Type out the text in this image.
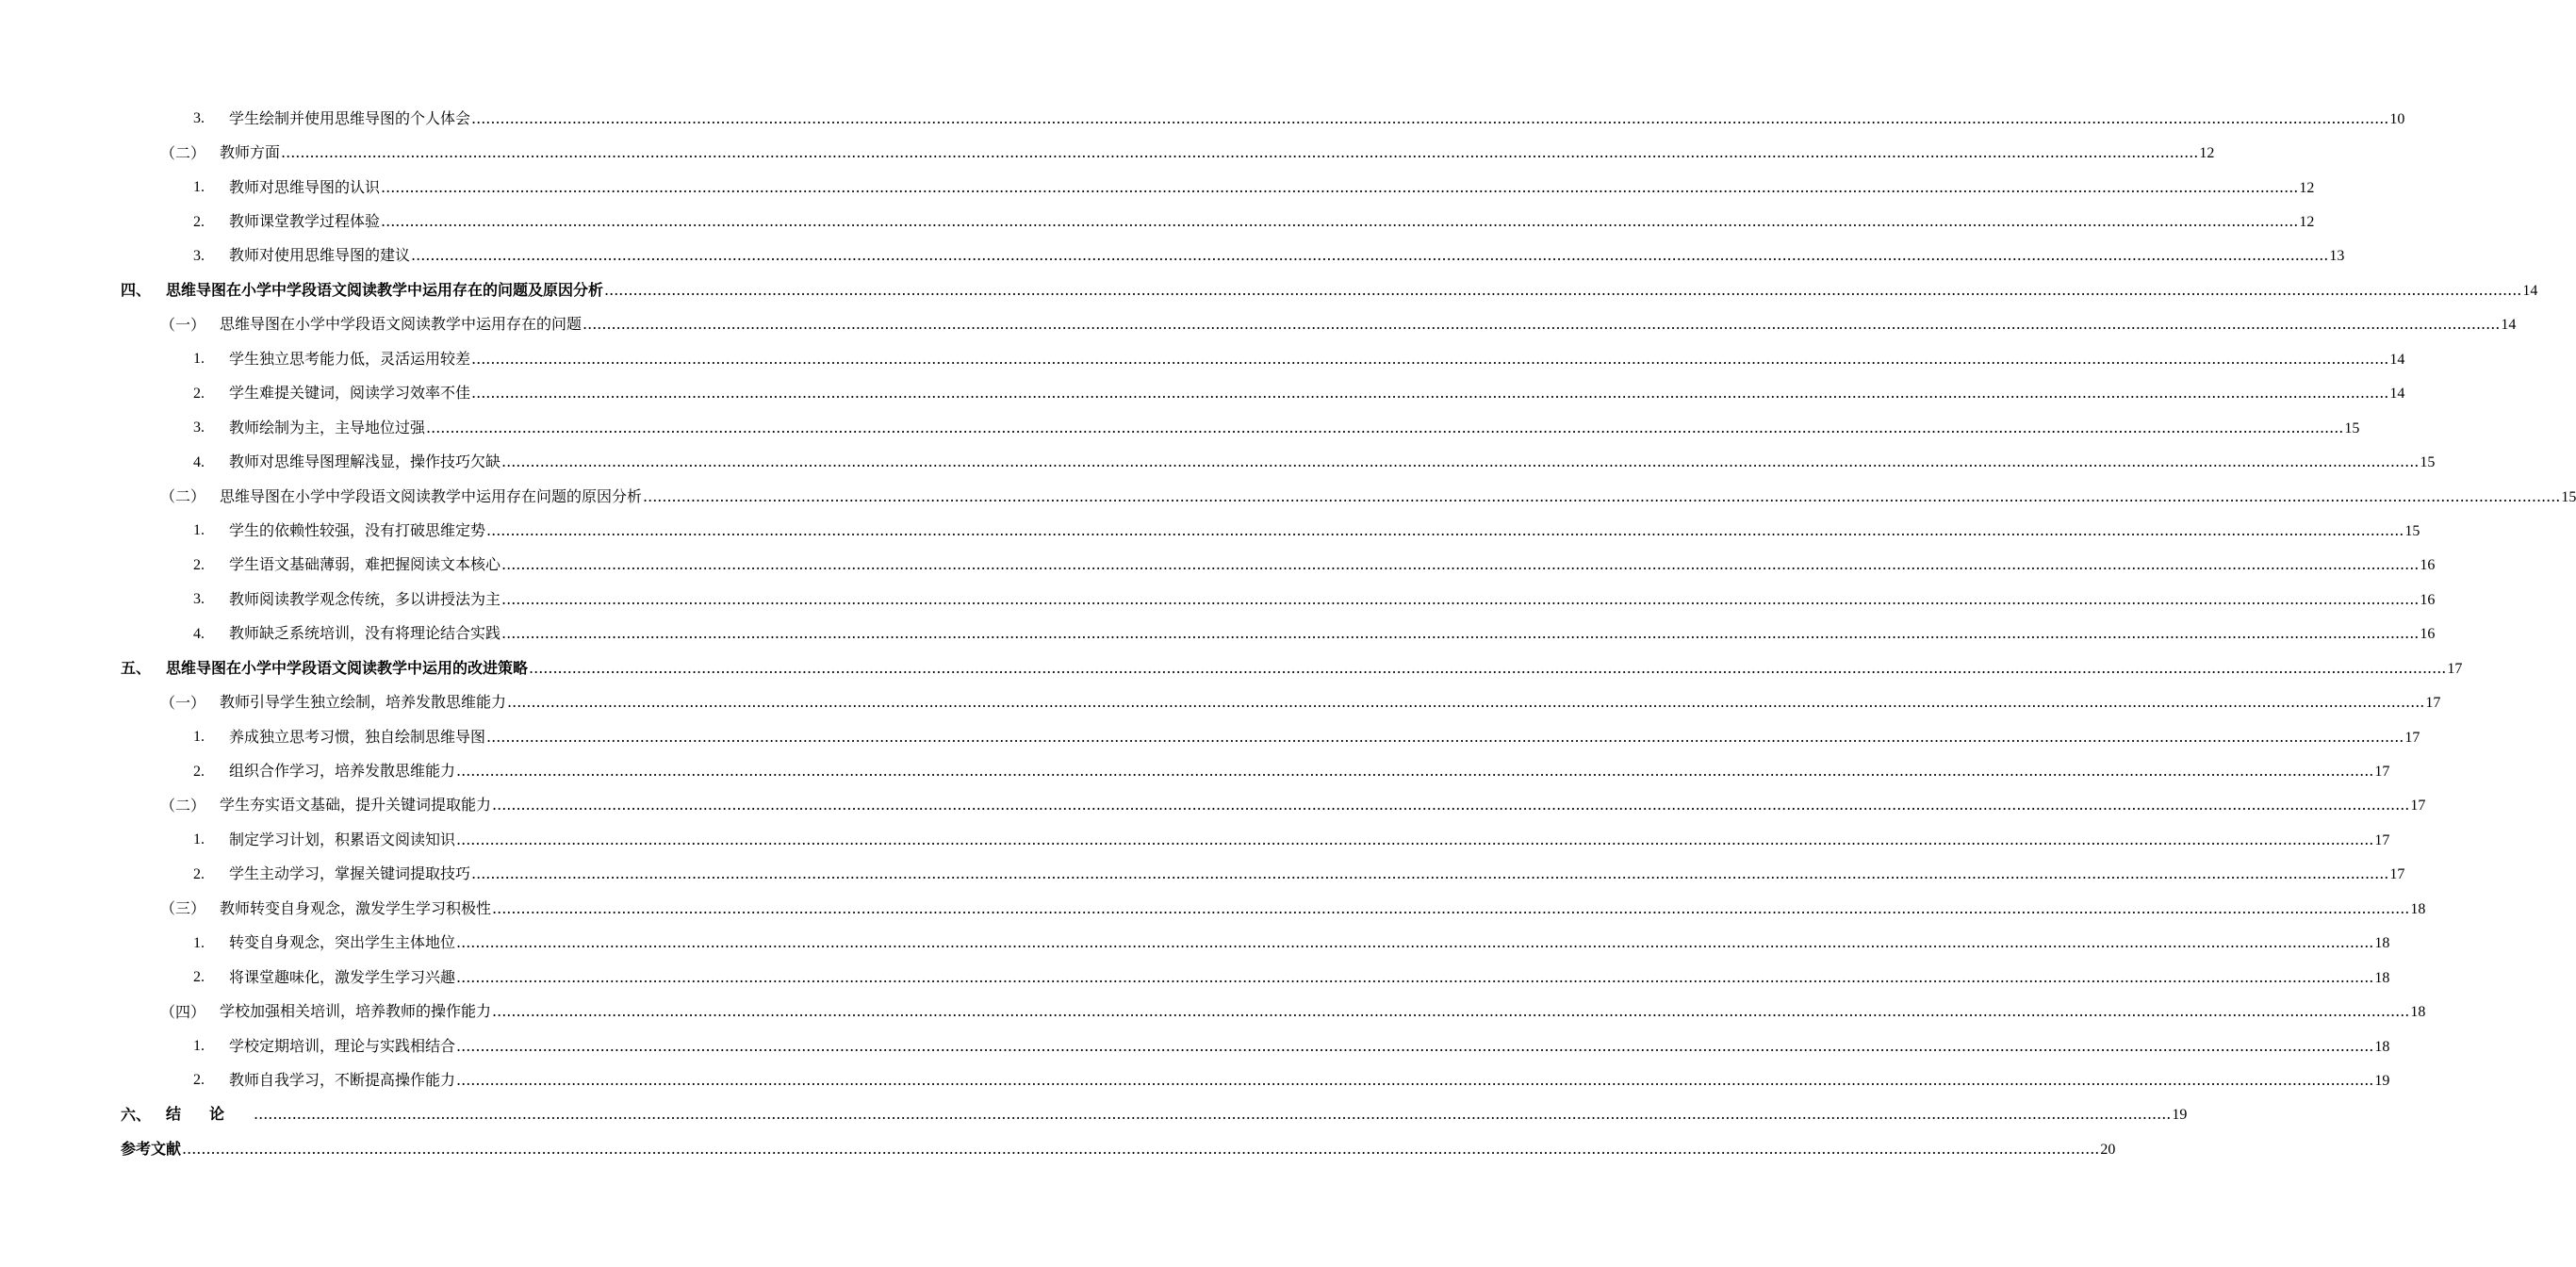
3. 学生绘制并使用思维导图的个人体会 ................................................................................................................................................................................................................................................................................................................................................................................................................ 10
（二） 教师方面 ................................................................................................................................................................................................................................................................................................................................................................................................................ 12
1. 教师对思维导图的认识 ................................................................................................................................................................................................................................................................................................................................................................................................................ 12
2. 教师课堂教学过程体验 ................................................................................................................................................................................................................................................................................................................................................................................................................ 12
3. 教师对使用思维导图的建议 ................................................................................................................................................................................................................................................................................................................................................................................................................ 13
四、 思维导图在小学中学段语文阅读教学中运用存在的问题及原因分析 ................................................................................................................................................................................................................................................................................................................................................................................................................ 14
（一） 思维导图在小学中学段语文阅读教学中运用存在的问题 ................................................................................................................................................................................................................................................................................................................................................................................................................ 14
1. 学生独立思考能力低，灵活运用较差 ................................................................................................................................................................................................................................................................................................................................................................................................................ 14
2. 学生难提关键词，阅读学习效率不佳 ................................................................................................................................................................................................................................................................................................................................................................................................................ 14
3. 教师绘制为主，主导地位过强 ................................................................................................................................................................................................................................................................................................................................................................................................................ 15
4. 教师对思维导图理解浅显，操作技巧欠缺 ................................................................................................................................................................................................................................................................................................................................................................................................................ 15
（二） 思维导图在小学中学段语文阅读教学中运用存在问题的原因分析 ................................................................................................................................................................................................................................................................................................................................................................................................................ 15
1. 学生的依赖性较强，没有打破思维定势 ................................................................................................................................................................................................................................................................................................................................................................................................................ 15
2. 学生语文基础薄弱，难把握阅读文本核心 ................................................................................................................................................................................................................................................................................................................................................................................................................ 16
3. 教师阅读教学观念传统，多以讲授法为主 ................................................................................................................................................................................................................................................................................................................................................................................................................ 16
4. 教师缺乏系统培训，没有将理论结合实践 ................................................................................................................................................................................................................................................................................................................................................................................................................ 16
五、 思维导图在小学中学段语文阅读教学中运用的改进策略 ................................................................................................................................................................................................................................................................................................................................................................................................................ 17
（一） 教师引导学生独立绘制，培养发散思维能力 ................................................................................................................................................................................................................................................................................................................................................................................................................ 17
1. 养成独立思考习惯，独自绘制思维导图 ................................................................................................................................................................................................................................................................................................................................................................................................................ 17
2. 组织合作学习，培养发散思维能力 ................................................................................................................................................................................................................................................................................................................................................................................................................ 17
（二） 学生夯实语文基础，提升关键词提取能力 ................................................................................................................................................................................................................................................................................................................................................................................................................ 17
1. 制定学习计划，积累语文阅读知识 ................................................................................................................................................................................................................................................................................................................................................................................................................ 17
2. 学生主动学习，掌握关键词提取技巧 ................................................................................................................................................................................................................................................................................................................................................................................................................ 17
（三） 教师转变自身观念，激发学生学习积极性 ................................................................................................................................................................................................................................................................................................................................................................................................................ 18
1. 转变自身观念，突出学生主体地位 ................................................................................................................................................................................................................................................................................................................................................................................................................ 18
2. 将课堂趣味化，激发学生学习兴趣 ................................................................................................................................................................................................................................................................................................................................................................................................................ 18
（四） 学校加强相关培训，培养教师的操作能力 ................................................................................................................................................................................................................................................................................................................................................................................................................ 18
1. 学校定期培训，理论与实践相结合 ................................................................................................................................................................................................................................................................................................................................................................................................................ 18
2. 教师自我学习，不断提高操作能力 ................................................................................................................................................................................................................................................................................................................................................................................................................ 19
六、 结论 ................................................................................................................................................................................................................................................................................................................................................................................................................ 19
参考文献 ................................................................................................................................................................................................................................................................................................................................................................................................................ 20
